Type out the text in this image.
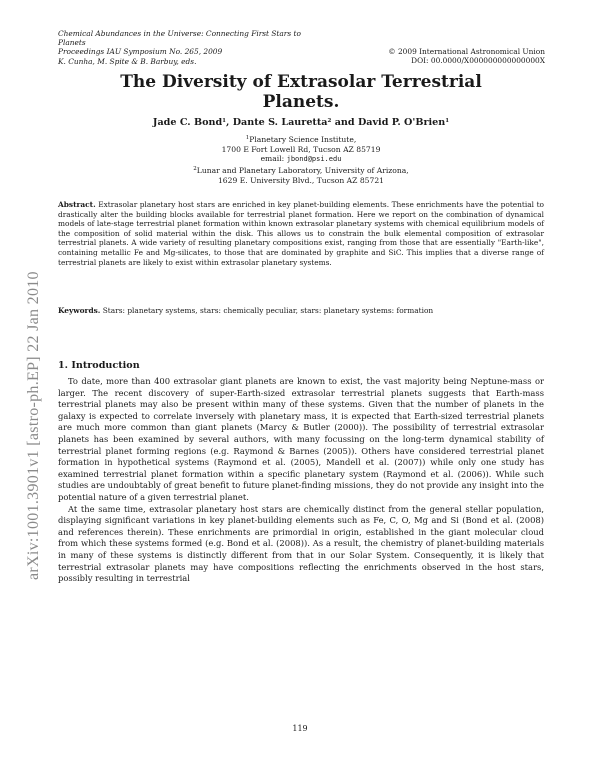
Chemical Abundances in the Universe: Connecting First Stars to
Planets
Proceedings IAU Symposium No. 265, 2009
K. Cunha, M. Spite & B. Barbuy, eds.
© 2009 International Astronomical Union
DOI: 00.0000/X000000000000000X
The Diversity of Extrasolar Terrestrial
Planets.
Jade C. Bond$^1$, Dante S. Lauretta$^2$ and David P. O'Brien$^1$
$^1$Planetary Science Institute,
1700 E Fort Lowell Rd, Tucson AZ 85719
email: jbond@psi.edu
$^2$Lunar and Planetary Laboratory, University of Arizona,
1629 E. University Blvd., Tucson AZ 85721
Abstract. Extrasolar planetary host stars are enriched in key planet-building elements. These enrichments have the potential to drastically alter the building blocks available for terrestrial planet formation. Here we report on the combination of dynamical models of late-stage terrestrial planet formation within known extrasolar planetary systems with chemical equilibrium models of the composition of solid material within the disk. This allows us to constrain the bulk elemental composition of extrasolar terrestrial planets. A wide variety of resulting planetary compositions exist, ranging from those that are essentially "Earth-like", containing metallic Fe and Mg-silicates, to those that are dominated by graphite and SiC. This implies that a diverse range of terrestrial planets are likely to exist within extrasolar planetary systems.
Keywords. Stars: planetary systems, stars: chemically peculiar, stars: planetary systems: formation
1. Introduction

To date, more than 400 extrasolar giant planets are known to exist, the vast majority being Neptune-mass or larger. The recent discovery of super-Earth-sized extrasolar terrestrial planets suggests that Earth-mass terrestrial planets may also be present within many of these systems. Given that the number of planets in the galaxy is expected to correlate inversely with planetary mass, it is expected that Earth-sized terrestrial planets are much more common than giant planets (Marcy & Butler (2000)). The possibility of terrestrial extrasolar planets has been examined by several authors, with many focussing on the long-term dynamical stability of terrestrial planet forming regions (e.g. Raymond & Barnes (2005)). Others have considered terrestrial planet formation in hypothetical systems (Raymond et al. (2005), Mandell et al. (2007)) while only one study has examined terrestrial planet formation within a specific planetary system (Raymond et al. (2006)). While such studies are undoubtably of great benefit to future planet-finding missions, they do not provide any insight into the potential nature of a given terrestrial planet.

At the same time, extrasolar planetary host stars are chemically distinct from the general stellar population, displaying significant variations in key planet-building elements such as Fe, C, O, Mg and Si (Bond et al. (2008) and references therein). These enrichments are primordial in origin, established in the giant molecular cloud from which these systems formed (e.g. Bond et al. (2008)). As a result, the chemistry of planet-building materials in many of these systems is distinctly different from that in our Solar System. Consequently, it is likely that terrestrial extrasolar planets may have compositions reflecting the enrichments observed in the host stars, possibly resulting in terrestrial

119
arXiv:1001.3901v1 [astro-ph.EP] 22 Jan 2010
